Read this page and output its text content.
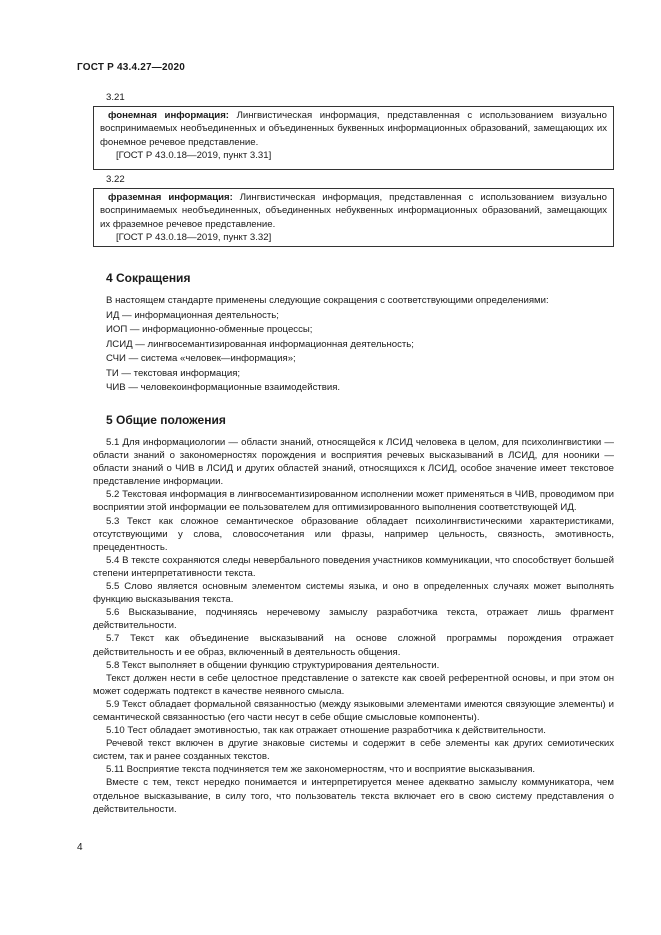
ГОСТ Р 43.4.27—2020
3.21
фонемная информация: Лингвистическая информация, представленная с использованием визуально воспринимаемых необъединенных и объединенных буквенных информационных образований, замещающих их фонемное речевое представление.
[ГОСТ Р 43.0.18—2019, пункт 3.31]
3.22
фраземная информация: Лингвистическая информация, представленная с использованием визуально воспринимаемых необъединенных, объединенных небуквенных информационных образований, замещающих их фраземное речевое представление.
[ГОСТ Р 43.0.18—2019, пункт 3.32]
4 Сокращения
В настоящем стандарте применены следующие сокращения с соответствующими определениями:
ИД — информационная деятельность;
ИОП — информационно-обменные процессы;
ЛСИД — лингвосемантизированная информационная деятельность;
СЧИ — система «человек—информация»;
ТИ — текстовая информация;
ЧИВ — человекоинформационные взаимодействия.
5 Общие положения

5.1 Для информациологии — области знаний, относящейся к ЛСИД человека в целом, для психолингвистики — области знаний о закономерностях порождения и восприятия речевых высказываний в ЛСИД, для нооники — области знаний о ЧИВ в ЛСИД и других областей знаний, относящихся к ЛСИД, особое значение имеет текстовое представление информации.

5.2 Текстовая информация в лингвосемантизированном исполнении может применяться в ЧИВ, проводимом при восприятии этой информации ее пользователем для оптимизированного выполнения соответствующей ИД.

5.3 Текст как сложное семантическое образование обладает психолингвистическими характеристиками, отсутствующими у слова, словосочетания или фразы, например цельность, связность, эмотивность, прецедентность.

5.4 В тексте сохраняются следы невербального поведения участников коммуникации, что способствует большей степени интерпретативности текста.

5.5 Слово является основным элементом системы языка, и оно в определенных случаях может выполнять функцию высказывания текста.

5.6 Высказывание, подчиняясь неречевому замыслу разработчика текста, отражает лишь фрагмент действительности.

5.7 Текст как объединение высказываний на основе сложной программы порождения отражает действительность и ее образ, включенный в деятельность общения.

5.8 Текст выполняет в общении функцию структурирования деятельности.

Текст должен нести в себе целостное представление о затексте как своей референтной основы, и при этом он может содержать подтекст в качестве неявного смысла.

5.9 Текст обладает формальной связанностью (между языковыми элементами имеются связующие элементы) и семантической связанностью (его части несут в себе общие смысловые компоненты).

5.10 Тест обладает эмотивностью, так как отражает отношение разработчика к действительности.

Речевой текст включен в другие знаковые системы и содержит в себе элементы как других семиотических систем, так и ранее созданных текстов.

5.11 Восприятие текста подчиняется тем же закономерностям, что и восприятие высказывания.

Вместе с тем, текст нередко понимается и интерпретируется менее адекватно замыслу коммуникатора, чем отдельное высказывание, в силу того, что пользователь текста включает его в свою систему представления о действительности.

4
